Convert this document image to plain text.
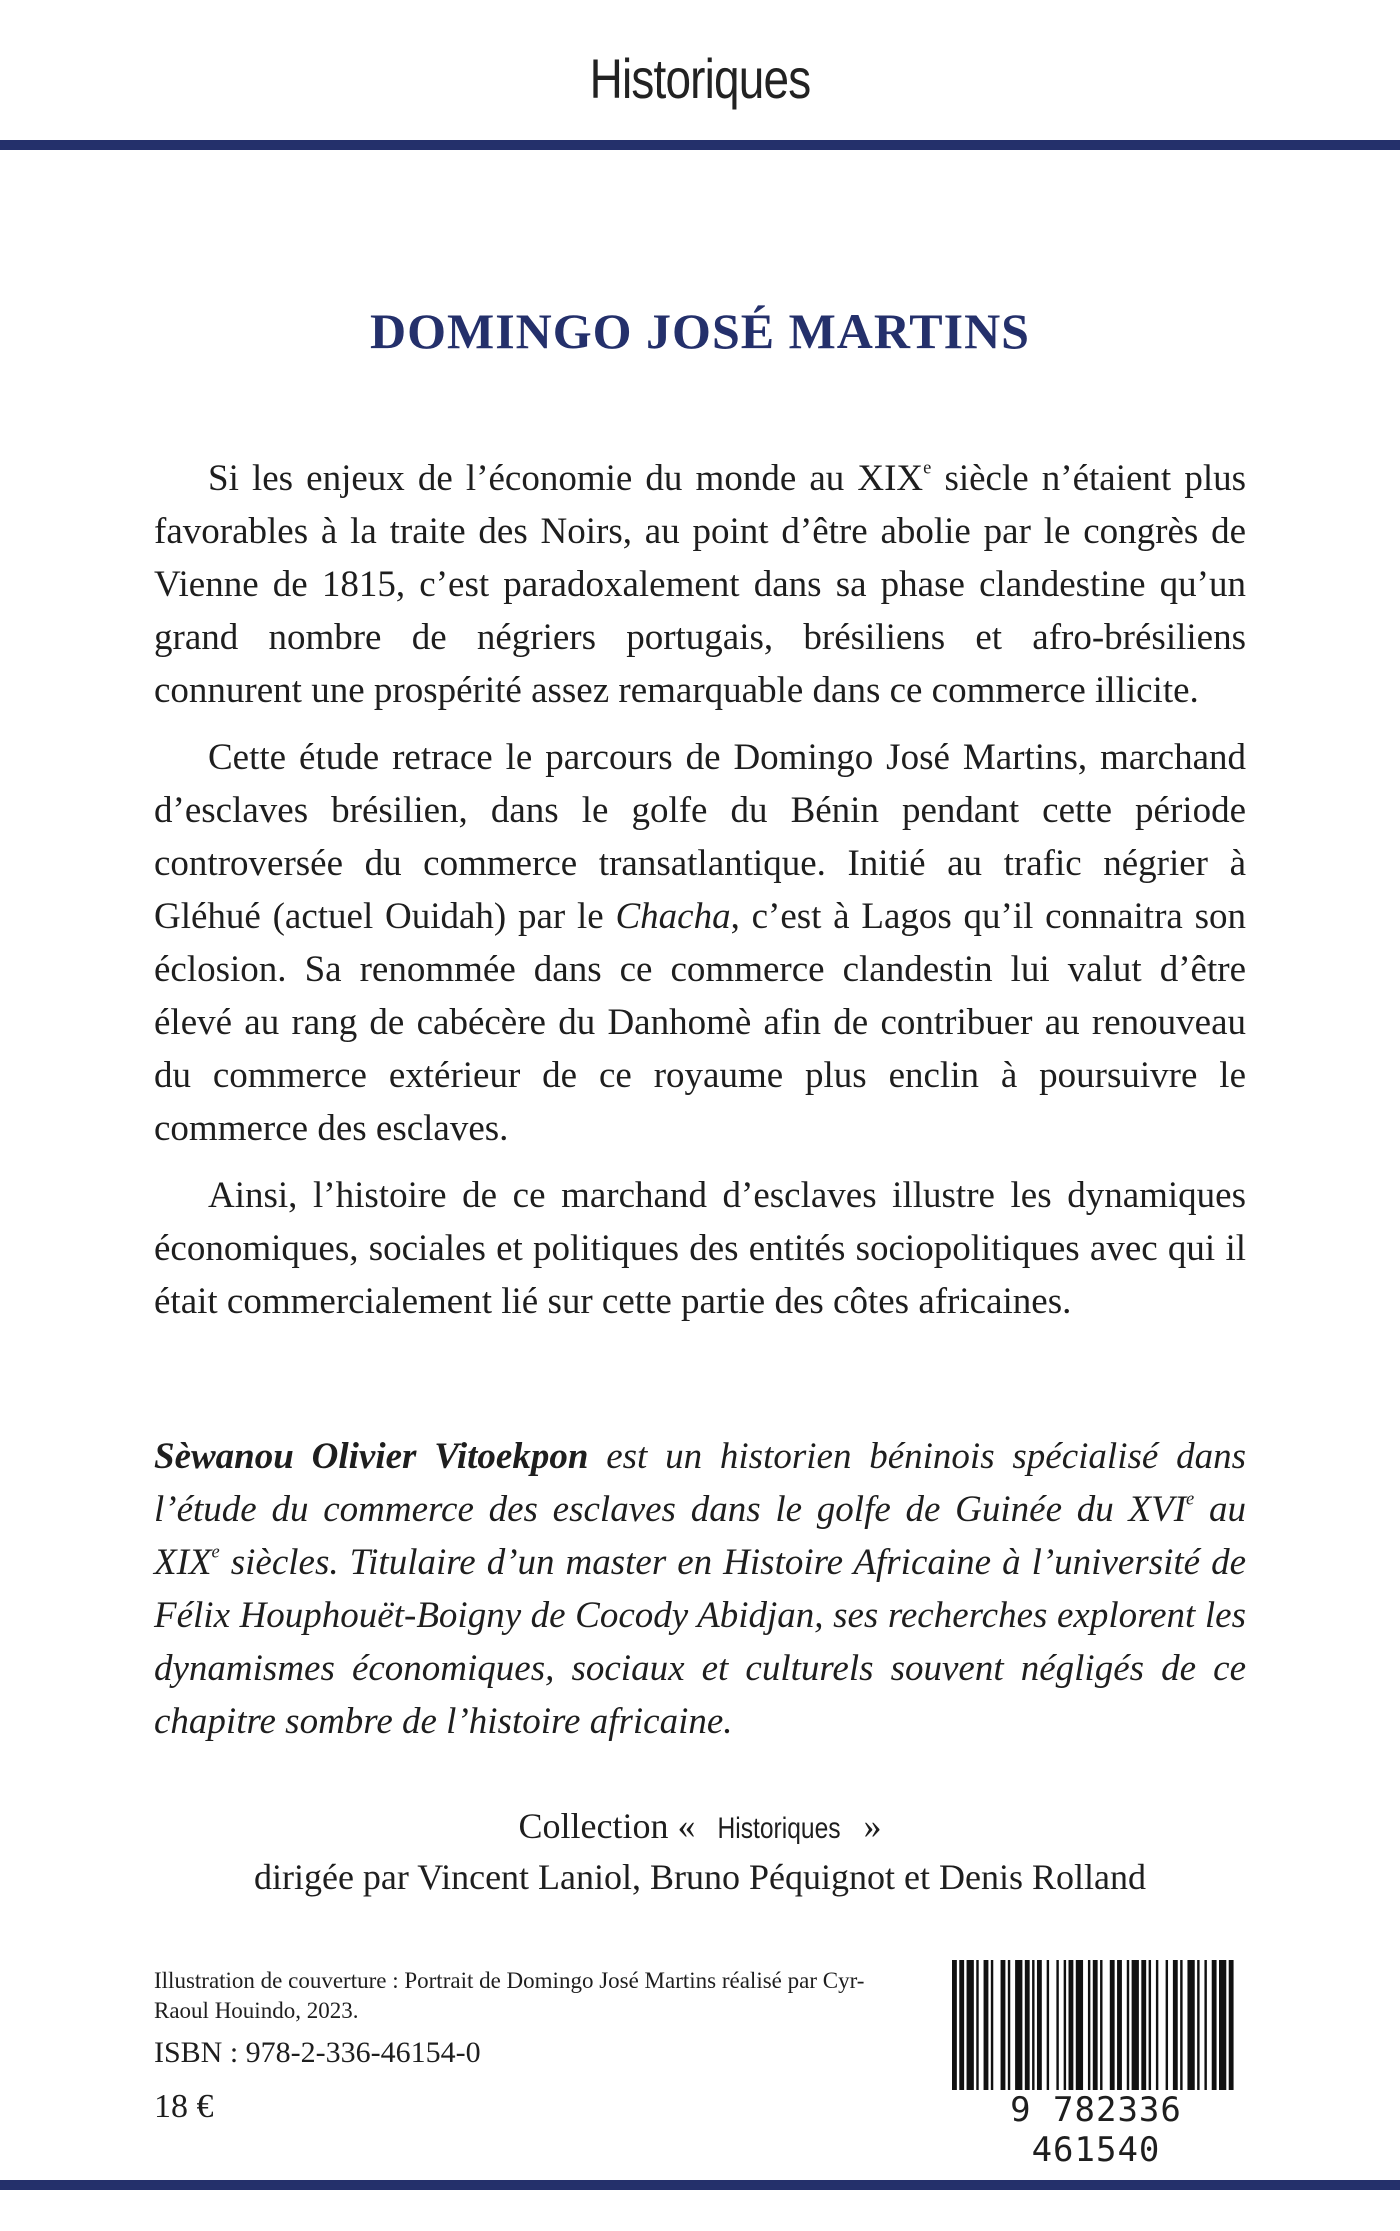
Historiques
DOMINGO JOSÉ MARTINS

Si les enjeux de l’économie du monde au XIXe siècle n’étaient plus favorables à la traite des Noirs, au point d’être abolie par le congrès de Vienne de 1815, c’est paradoxalement dans sa phase clandestine qu’un grand nombre de négriers portugais, brésiliens et afro-brésiliens connurent une prospérité assez remarquable dans ce commerce illicite.

Cette étude retrace le parcours de Domingo José Martins, marchand d’esclaves brésilien, dans le golfe du Bénin pendant cette période controversée du commerce transatlantique. Initié au trafic négrier à Gléhué (actuel Ouidah) par le Chacha, c’est à Lagos qu’il connaitra son éclosion. Sa renommée dans ce commerce clandestin lui valut d’être élevé au rang de cabécère du Danhomè afin de contribuer au renouveau du commerce extérieur de ce royaume plus enclin à poursuivre le commerce des esclaves.

Ainsi, l’histoire de ce marchand d’esclaves illustre les dynamiques économiques, sociales et politiques des entités sociopolitiques avec qui il était commercialement lié sur cette partie des côtes africaines.

Sèwanou Olivier Vitoekpon est un historien béninois spécialisé dans l’étude du commerce des esclaves dans le golfe de Guinée du XVIe au XIXe siècles. Titulaire d’un master en Histoire Africaine à l’université de Félix Houphouët-Boigny de Cocody Abidjan, ses recherches explorent les dynamismes économiques, sociaux et culturels souvent négligés de ce chapitre sombre de l’histoire africaine.

Collection « Historiques »
dirigée par Vincent Laniol, Bruno Péquignot et Denis Rolland
Illustration de couverture : Portrait de Domingo José Martins réalisé par Cyr-Raoul Houindo, 2023.
ISBN : 978-2-336-46154-0
18 €	9 782336 461540
